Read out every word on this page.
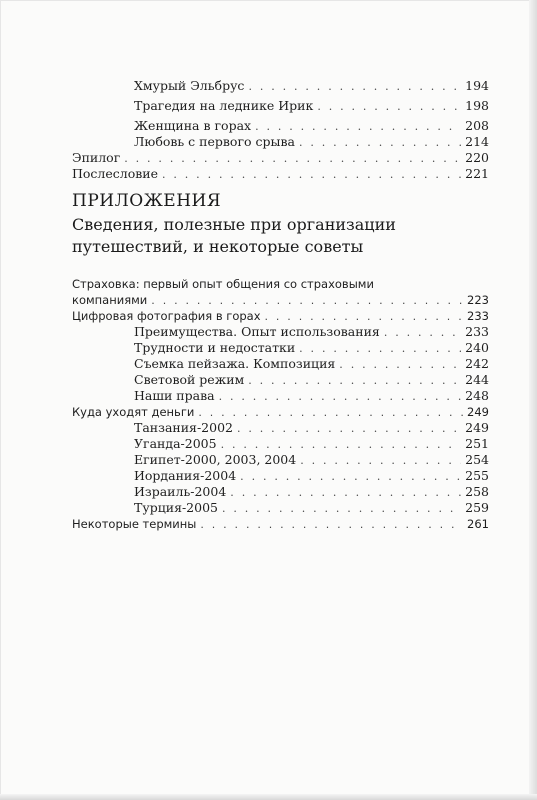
Хмурый Эльбрус . . .	194
Трагедия на леднике Ирик . . .	198
Женщина в горах . . .	208
Любовь с первого срыва . . .	214
Эпилог . . .	220
Послесловие . . .	221
ПРИЛОЖЕНИЯ
Сведения, полезные при организации путешествий, и некоторые советы
Страховка: первый опыт общения со страховыми
компаниями . . .	223
Цифровая фотография в горах . . .	233
Преимущества. Опыт использования . . .	233
Трудности и недостатки . . .	240
Съемка пейзажа. Композиция . . .	242
Световой режим . . .	244
Наши права . . .	248
Куда уходят деньги . . .	249
Танзания-2002 . . .	249
Уганда-2005 . . .	251
Египет-2000, 2003, 2004 . . .	254
Иордания-2004 . . .	255
Израиль-2004 . . .	258
Турция-2005 . . .	259
Некоторые термины . . .	261
